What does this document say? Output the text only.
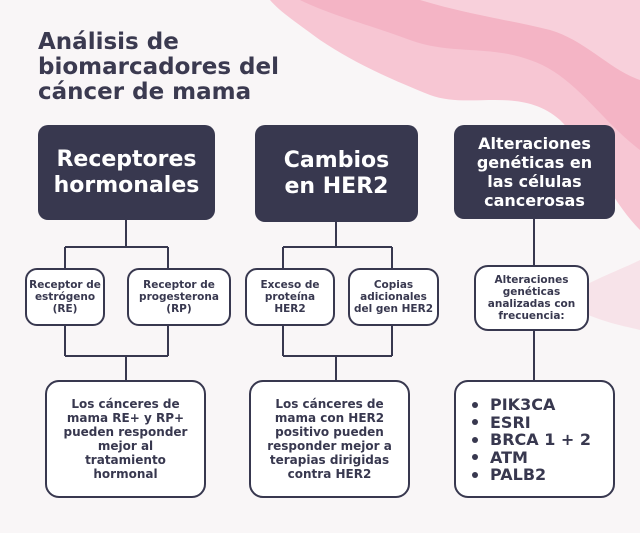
Análisis de
biomarcadores del
cáncer de mama
Receptores
hormonales
Receptor de
estrógeno
(RE)
Receptor de
progesterona
(RP)
Los cánceres de
mama RE+ y RP+
pueden responder
mejor al
tratamiento
hormonal
Cambios
en HER2
Exceso de
proteína
HER2
Copias
adicionales
del gen HER2
Los cánceres de
mama con HER2
positivo pueden
responder mejor a
terapias dirigidas
contra HER2
Alteraciones
genéticas en
las células
cancerosas
Alteraciones
genéticas
analizadas con
frecuencia:
PIK3CA
ESRI
BRCA 1 + 2
ATM
PALB2
